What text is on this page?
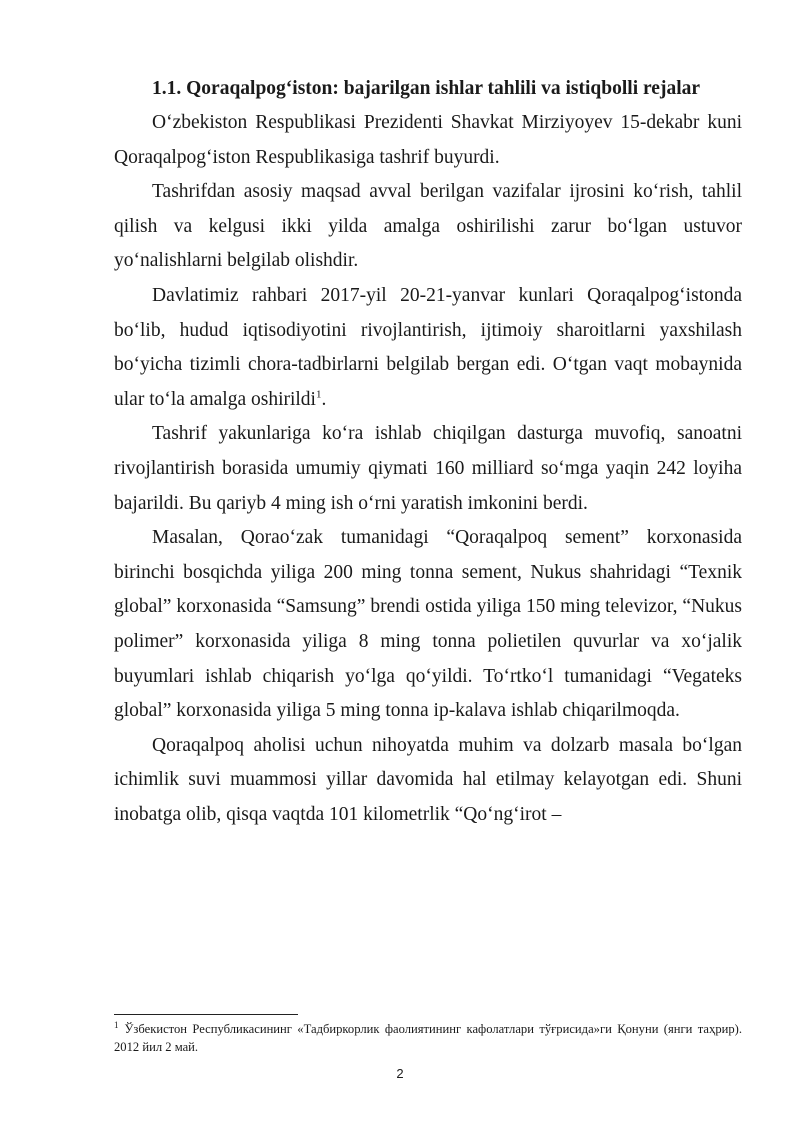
1.1. Qoraqalpog‘iston: bajarilgan ishlar tahlili va istiqbolli rejalar

O‘zbekiston Respublikasi Prezidenti Shavkat Mirziyoyev 15-dekabr kuni Qoraqalpog‘iston Respublikasiga tashrif buyurdi.

Tashrifdan asosiy maqsad avval berilgan vazifalar ijrosini ko‘rish, tahlil qilish va kelgusi ikki yilda amalga oshirilishi zarur bo‘lgan ustuvor yo‘nalishlarni belgilab olishdir.

Davlatimiz rahbari 2017-yil 20-21-yanvar kunlari Qoraqalpog‘istonda bo‘lib, hudud iqtisodiyotini rivojlantirish, ijtimoiy sharoitlarni yaxshilash bo‘yicha tizimli chora-tadbirlarni belgilab bergan edi. O‘tgan vaqt mobaynida ular to‘la amalga oshirildi$^1$.

Tashrif yakunlariga ko‘ra ishlab chiqilgan dasturga muvofiq, sanoatni rivojlantirish borasida umumiy qiymati 160 milliard so‘mga yaqin 242 loyiha bajarildi. Bu qariyb 4 ming ish o‘rni yaratish imkonini berdi.

Masalan, Qorao‘zak tumanidagi “Qoraqalpoq sement” korxonasida birinchi bosqichda yiliga 200 ming tonna sement, Nukus shahridagi “Texnik global” korxonasida “Samsung” brendi ostida yiliga 150 ming televizor, “Nukus polimer” korxonasida yiliga 8 ming tonna polietilen quvurlar va xo‘jalik buyumlari ishlab chiqarish yo‘lga qo‘yildi. To‘rtko‘l tumanidagi “Vegateks global” korxonasida yiliga 5 ming tonna ip-kalava ishlab chiqarilmoqda.

Qoraqalpoq aholisi uchun nihoyatda muhim va dolzarb masala bo‘lgan ichimlik suvi muammosi yillar davomida hal etilmay kelayotgan edi. Shuni inobatga olib, qisqa vaqtda 101 kilometrlik “Qo‘ng‘irot –

$^1$ Ўзбекистон Республикасининг «Тадбиркорлик фаолиятининг кафолатлари тўғрисида»ги Қонуни (янги таҳрир). 2012 йил 2 май.
2
